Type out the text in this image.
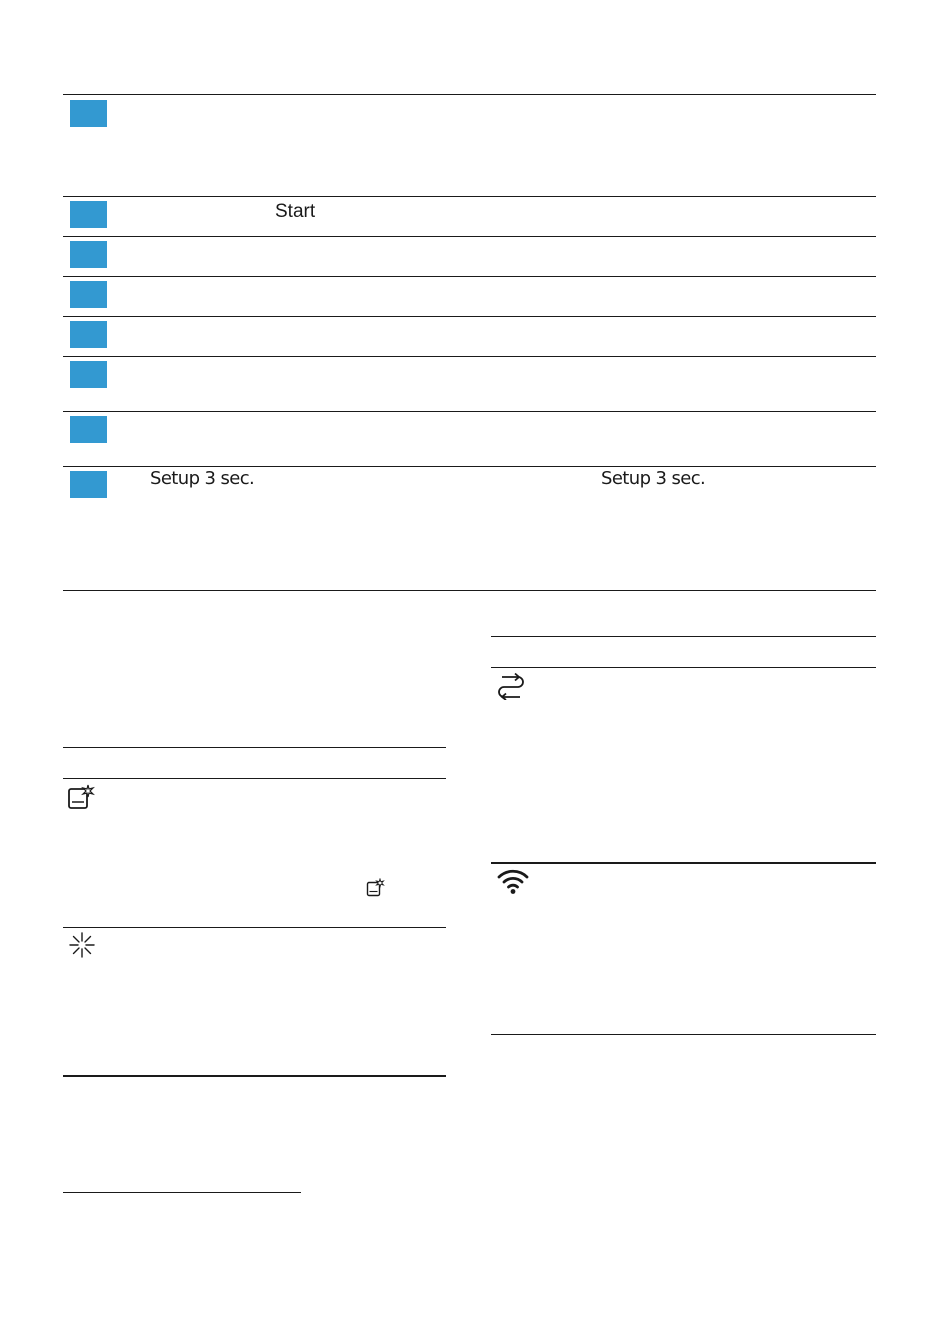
Start
Setup 3 sec.	Setup 3 sec.
